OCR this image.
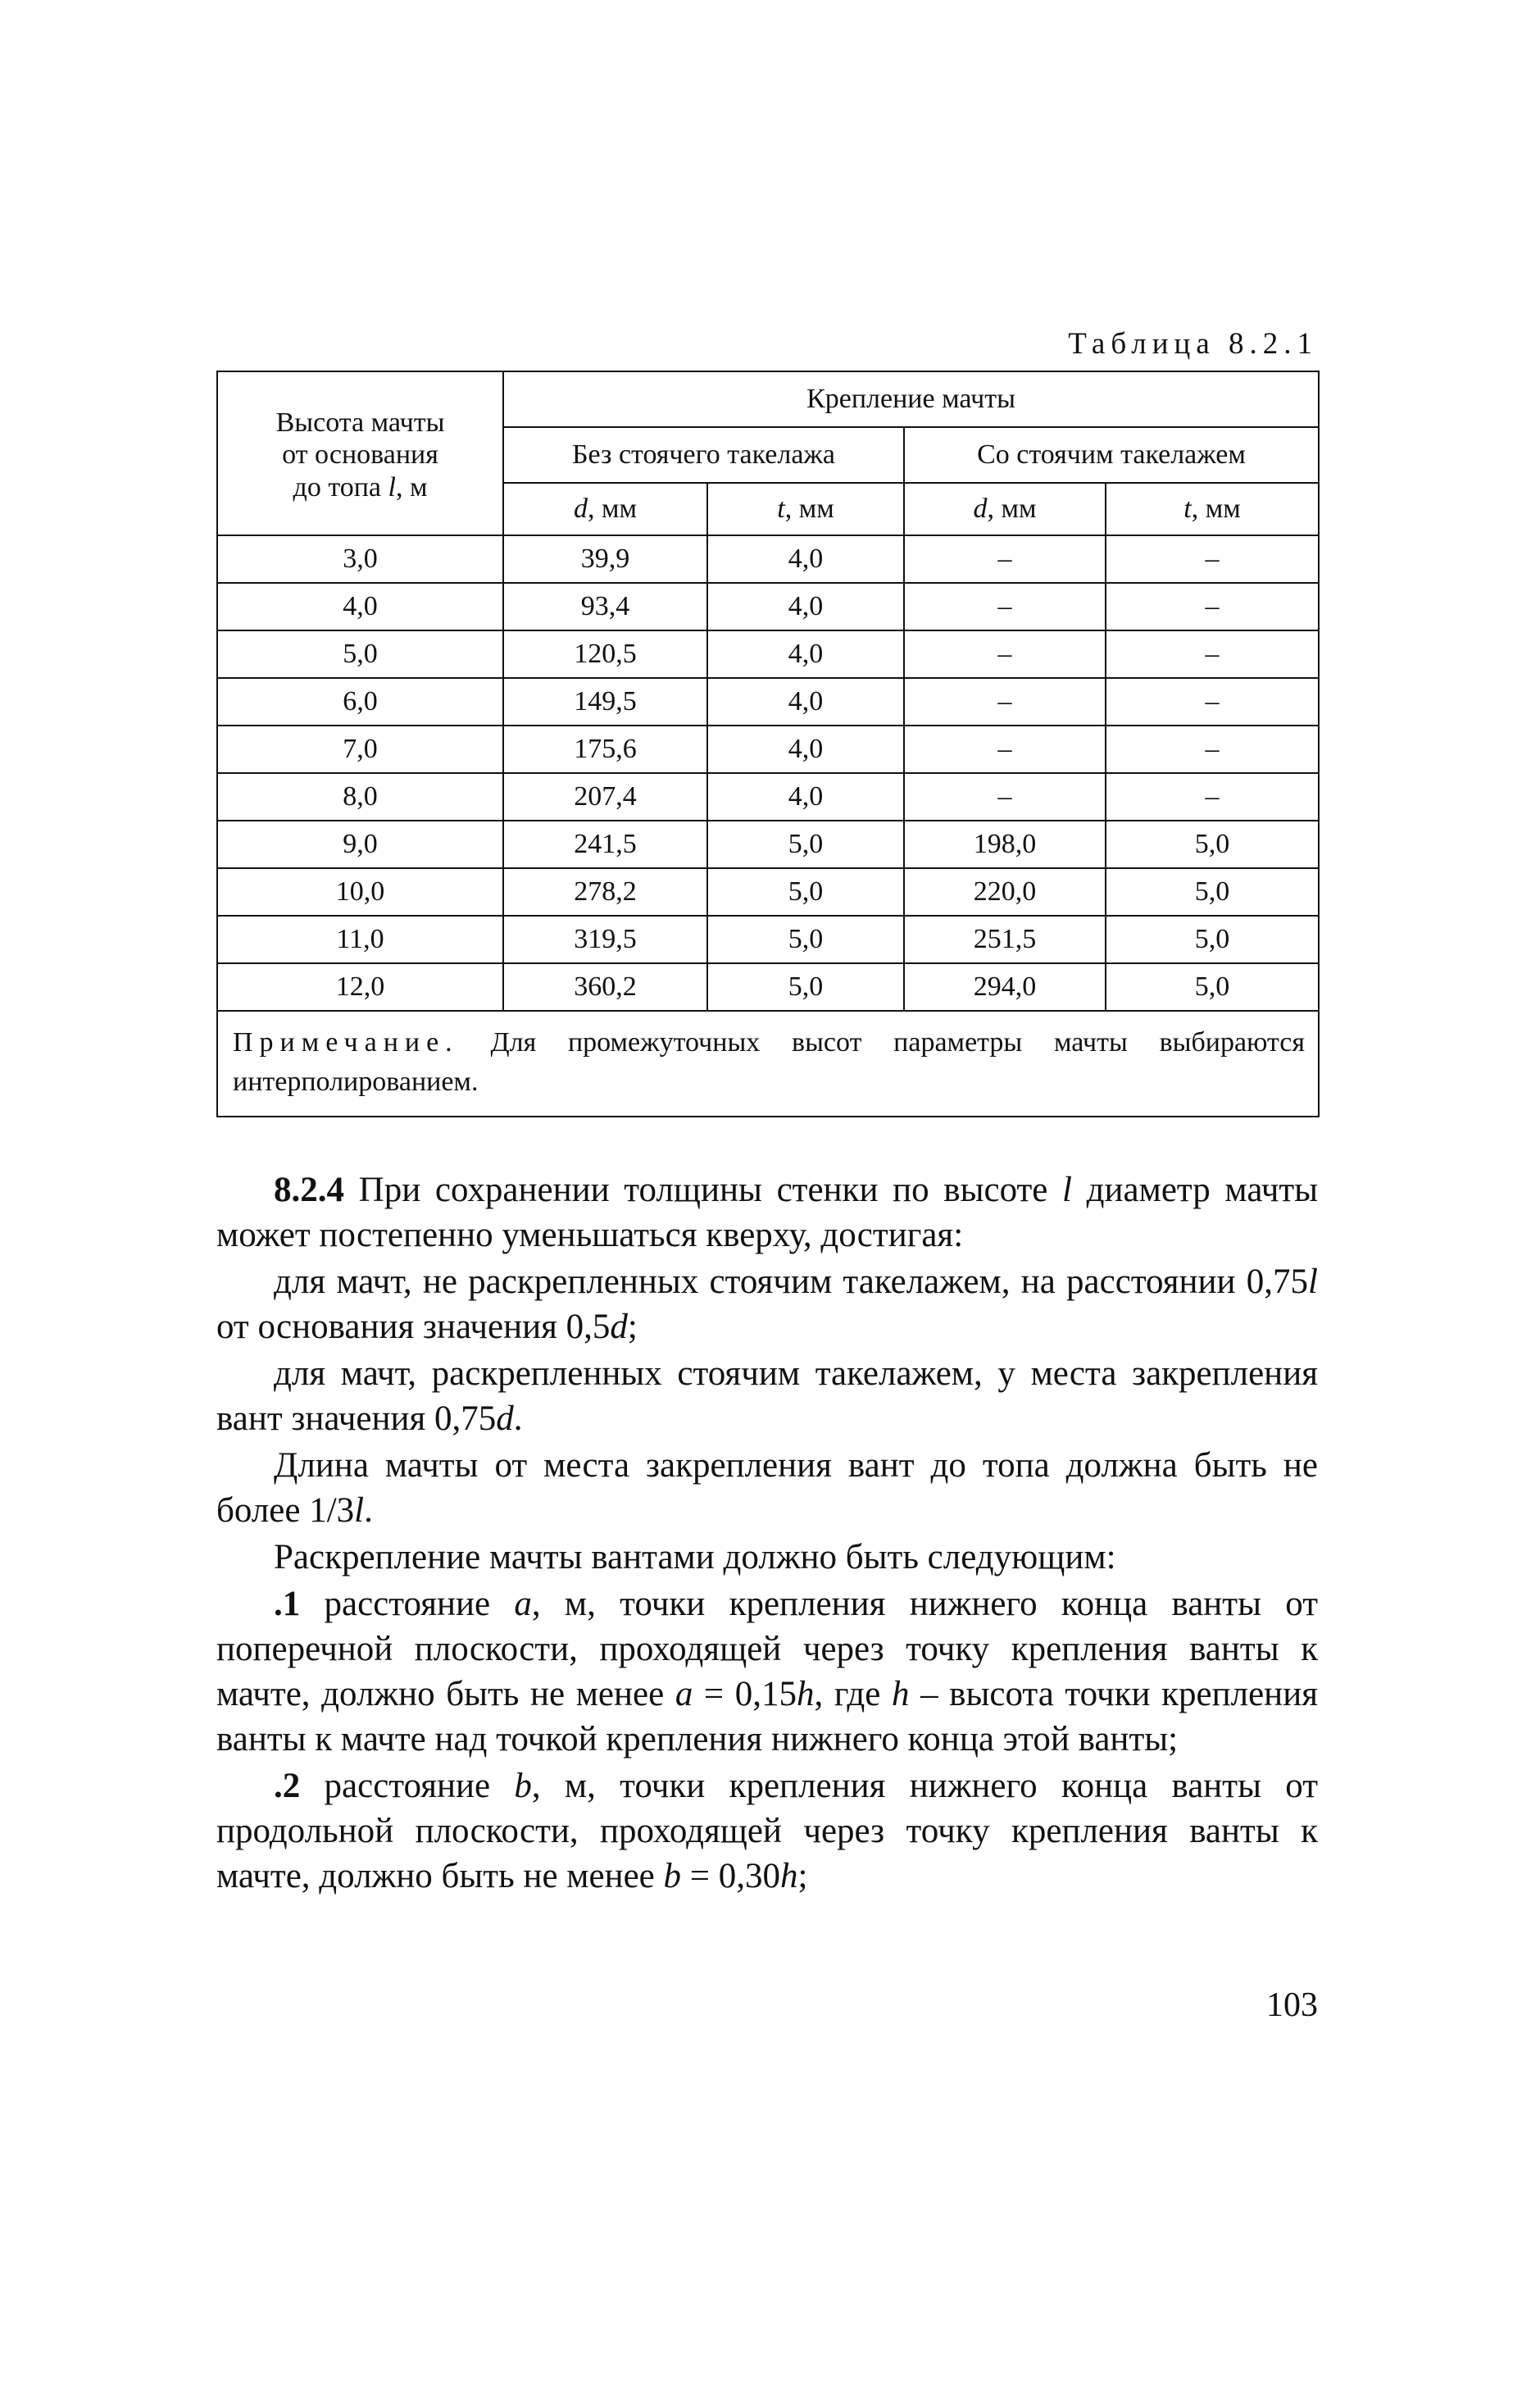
Таблица 8.2.1
Высота мачты
от основания
до топа l, м	Крепление мачты			
	Без стоячего такелажа		Со стоячим такелажем	
	d, мм	t, мм	d, мм	t, мм
3,0	39,9	4,0	–	–
4,0	93,4	4,0	–	–
5,0	120,5	4,0	–	–
6,0	149,5	4,0	–	–
7,0	175,6	4,0	–	–
8,0	207,4	4,0	–	–
9,0	241,5	5,0	198,0	5,0
10,0	278,2	5,0	220,0	5,0
11,0	319,5	5,0	251,5	5,0
12,0	360,2	5,0	294,0	5,0
Примечание. Для промежуточных высот параметры мачты выбираются интерполированием.				

8.2.4 При сохранении толщины стенки по высоте l диаметр мачты может постепенно уменьшаться кверху, достигая:

для мачт, не раскрепленных стоячим такелажем, на расстоянии 0,75l от основания значения 0,5d;

для мачт, раскрепленных стоячим такелажем, у места закрепления вант значения 0,75d.

Длина мачты от места закрепления вант до топа должна быть не более 1/3l.

Раскрепление мачты вантами должно быть следующим:

.1 расстояние a, м, точки крепления нижнего конца ванты от поперечной плоскости, проходящей через точку крепления ванты к мачте, должно быть не менее a = 0,15h, где h – высота точки крепления ванты к мачте над точкой крепления нижнего конца этой ванты;

.2 расстояние b, м, точки крепления нижнего конца ванты от продольной плоскости, проходящей через точку крепления ванты к мачте, должно быть не менее b = 0,30h;

103
